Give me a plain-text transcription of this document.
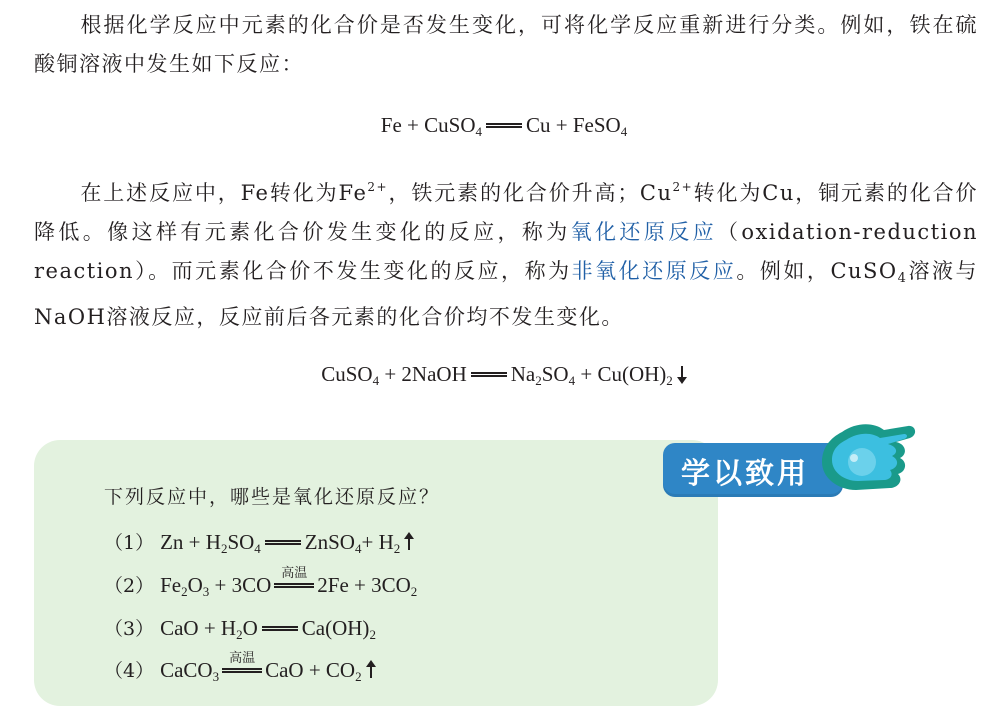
根据化学反应中元素的化合价是否发生变化，可将化学反应重新进行分类。例如，铁在硫酸铜溶液中发生如下反应：
Fe + CuSO$_4$ Cu + FeSO$_4$
在上述反应中，Fe转化为$Fe^{2+}$，铁元素的化合价升高；$Cu^{2+}$转化为Cu，铜元素的化合价降低。像这样有元素化合价发生变化的反应，称为氧化还原反应（oxidation-reduction reaction）。而元素化合价不发生变化的反应，称为非氧化还原反应。例如，CuSO$_4$溶液与NaOH溶液反应，反应前后各元素的化合价均不发生变化。
CuSO$_4$ + 2NaOH $Na_2SO_4 + Cu(OH)_2$
学以致用
下列反应中，哪些是氧化还原反应？
（1） $Zn + H_2SO_4$ ZnSO$_4$+ $H_2$
（2） $Fe_2O_3 + 3CO$ 高温 $2Fe + 3CO_2$
（3） CaO + $H_2O$ $Ca(OH)_2$
（4） CaCO$_3$
高温 CaO + $CO_2$
